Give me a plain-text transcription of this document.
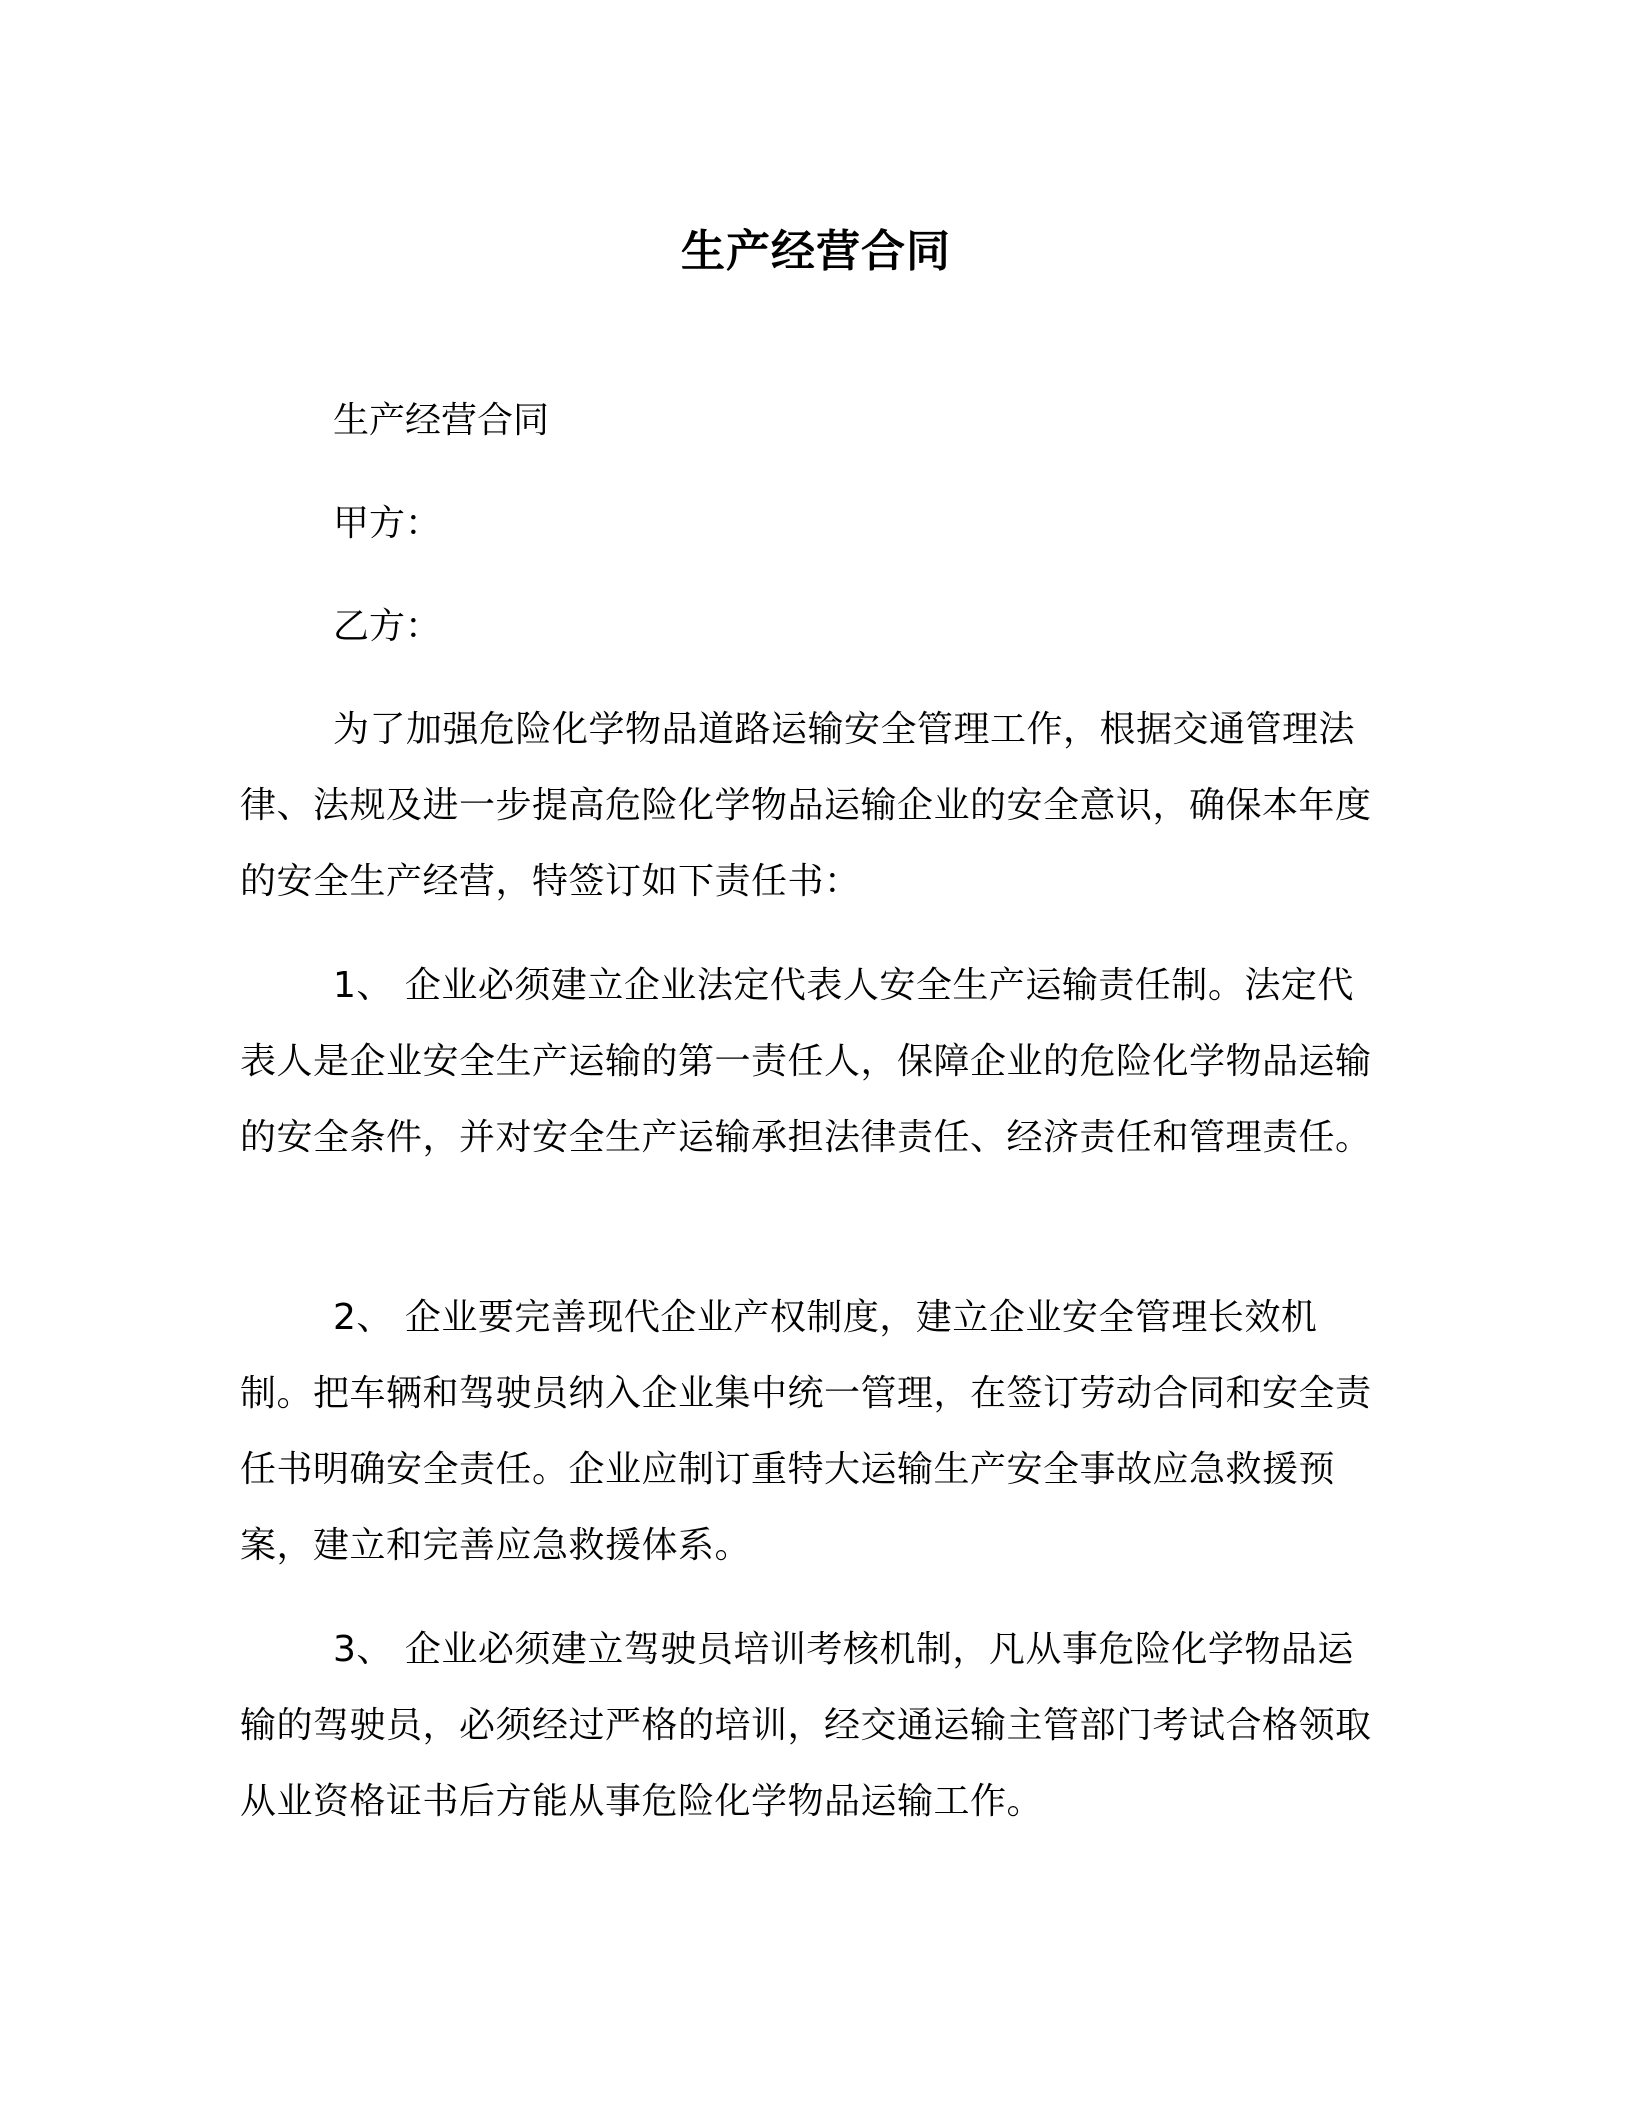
生产经营合同
生产经营合同
甲方：
乙方：
为了加强危险化学物品道路运输安全管理工作，根据交通管理法律、法规及进一步提高危险化学物品运输企业的安全意识，确保本年度的安全生产经营，特签订如下责任书：
1、 企业必须建立企业法定代表人安全生产运输责任制。法定代表人是企业安全生产运输的第一责任人，保障企业的危险化学物品运输的安全条件，并对安全生产运输承担法律责任、经济责任和管理责任。
2、 企业要完善现代企业产权制度，建立企业安全管理长效机制。把车辆和驾驶员纳入企业集中统一管理，在签订劳动合同和安全责任书明确安全责任。企业应制订重特大运输生产安全事故应急救援预案，建立和完善应急救援体系。
3、 企业必须建立驾驶员培训考核机制，凡从事危险化学物品运输的驾驶员，必须经过严格的培训，经交通运输主管部门考试合格领取从业资格证书后方能从事危险化学物品运输工作。
